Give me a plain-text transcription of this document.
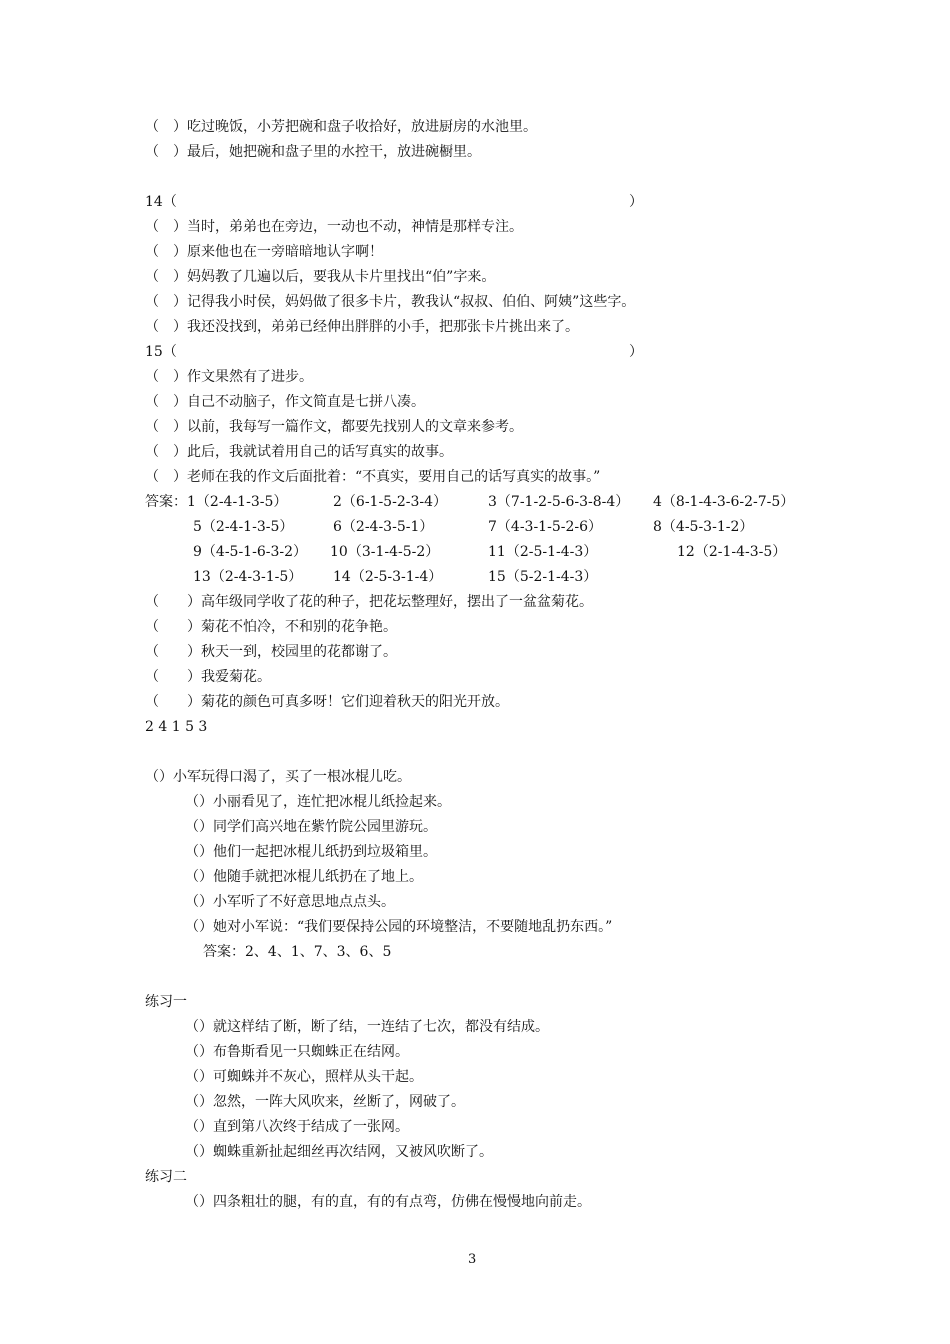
（　）吃过晚饭，小芳把碗和盘子收拾好，放进厨房的水池里。
（　）最后，她把碗和盘子里的水控干，放进碗橱里。
14（	）
（　）当时，弟弟也在旁边，一动也不动，神情是那样专注。
（　）原来他也在一旁暗暗地认字啊！
（　）妈妈教了几遍以后，要我从卡片里找出“伯”字来。
（　）记得我小时侯，妈妈做了很多卡片，教我认“叔叔、伯伯、阿姨”这些字。
（　）我还没找到，弟弟已经伸出胖胖的小手，把那张卡片挑出来了。
15（	）
（　）作文果然有了进步。
（　）自己不动脑子，作文简直是七拼八凑。
（　）以前，我每写一篇作文，都要先找别人的文章来参考。
（　）此后，我就试着用自己的话写真实的故事。
（　）老师在我的作文后面批着：“不真实，要用自己的话写真实的故事。”
答案：1（2-4-1-3-5）	2（6-1-5-2-3-4）	3（7-1-2-5-6-3-8-4） 4（8-1-4-3-6-2-7-5）
5（2-4-1-3-5）	6（2-4-3-5-1）	7（4-3-1-5-2-6）	8（4-5-3-1-2）
9（4-5-1-6-3-2） 10（3-1-4-5-2）	11（2-5-1-4-3）	12（2-1-4-3-5）
13（2-4-3-1-5） 14（2-5-3-1-4）	15（5-2-1-4-3）
（　　）高年级同学收了花的种子，把花坛整理好，摆出了一盆盆菊花。
（　　）菊花不怕冷，不和别的花争艳。
（　　）秋天一到，校园里的花都谢了。
（　　）我爱菊花。
（　　）菊花的颜色可真多呀！它们迎着秋天的阳光开放。
2 4 1 5 3
（）小军玩得口渴了，买了一根冰棍儿吃。
（）小丽看见了，连忙把冰棍儿纸捡起来。
（）同学们高兴地在紫竹院公园里游玩。
（）他们一起把冰棍儿纸扔到垃圾箱里。
（）他随手就把冰棍儿纸扔在了地上。
（）小军听了不好意思地点点头。
（）她对小军说：“我们要保持公园的环境整洁，不要随地乱扔东西。”
答案：2、4、1、7、3、6、5
练习一
（）就这样结了断，断了结，一连结了七次，都没有结成。
（）布鲁斯看见一只蜘蛛正在结网。
（）可蜘蛛并不灰心，照样从头干起。
（）忽然，一阵大风吹来，丝断了，网破了。
（）直到第八次终于结成了一张网。
（）蜘蛛重新扯起细丝再次结网，又被风吹断了。
练习二
（）四条粗壮的腿，有的直，有的有点弯，仿佛在慢慢地向前走。
3
